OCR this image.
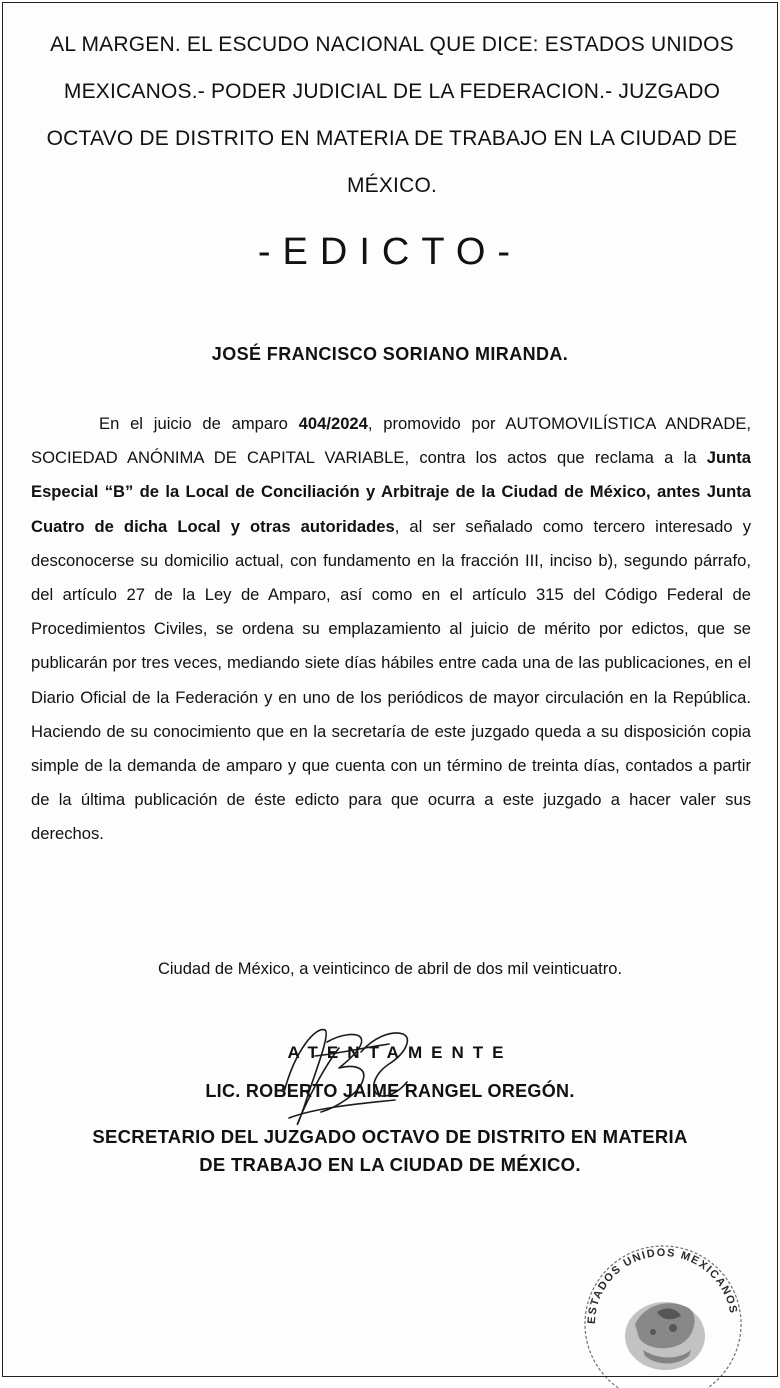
AL MARGEN. EL ESCUDO NACIONAL QUE DICE: ESTADOS UNIDOS
MEXICANOS.- PODER JUDICIAL DE LA FEDERACION.- JUZGADO
OCTAVO DE DISTRITO EN MATERIA DE TRABAJO EN LA CIUDAD DE
MÉXICO.
-EDICTO-
JOSÉ FRANCISCO SORIANO MIRANDA.
En el juicio de amparo 404/2024, promovido por AUTOMOVILÍSTICA ANDRADE, SOCIEDAD ANÓNIMA DE CAPITAL VARIABLE, contra los actos que reclama a la Junta Especial “B” de la Local de Conciliación y Arbitraje de la Ciudad de México, antes Junta Cuatro de dicha Local y otras autoridades, al ser señalado como tercero interesado y desconocerse su domicilio actual, con fundamento en la fracción III, inciso b), segundo párrafo, del artículo 27 de la Ley de Amparo, así como en el artículo 315 del Código Federal de Procedimientos Civiles, se ordena su emplazamiento al juicio de mérito por edictos, que se publicarán por tres veces, mediando siete días hábiles entre cada una de las publicaciones, en el Diario Oficial de la Federación y en uno de los periódicos de mayor circulación en la República. Haciendo de su conocimiento que en la secretaría de este juzgado queda a su disposición copia simple de la demanda de amparo y que cuenta con un término de treinta días, contados a partir de la última publicación de éste edicto para que ocurra a este juzgado a hacer valer sus derechos.
Ciudad de México, a veinticinco de abril de dos mil veinticuatro.
ATENTAMENTE
LIC. ROBERTO JAIME RANGEL OREGÓN.
SECRETARIO DEL JUZGADO OCTAVO DE DISTRITO EN MATERIA
DE TRABAJO EN LA CIUDAD DE MÉXICO.
ESTADOS UNIDOS MEXICANOS
